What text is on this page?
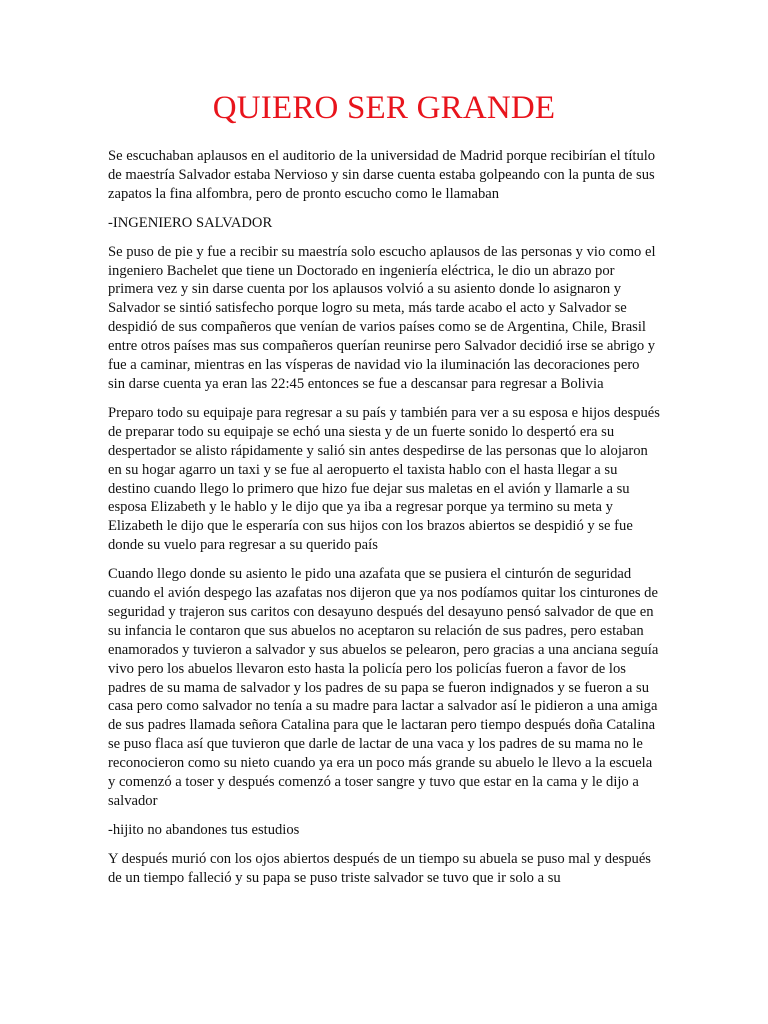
QUIERO SER GRANDE

Se escuchaban aplausos en el auditorio de la universidad de Madrid porque recibirían el título de maestría Salvador estaba Nervioso y sin darse cuenta estaba golpeando con la punta de sus zapatos la fina alfombra, pero de pronto escucho como le llamaban

-INGENIERO SALVADOR

Se puso de pie y fue a recibir su maestría solo escucho aplausos de las personas y vio como el ingeniero Bachelet que tiene un Doctorado en ingeniería eléctrica, le dio un abrazo por primera vez y sin darse cuenta por los aplausos volvió a su asiento donde lo asignaron y Salvador se sintió satisfecho porque logro su meta, más tarde acabo el acto y Salvador se despidió de sus compañeros que venían de varios países como se de Argentina, Chile, Brasil entre otros países mas sus compañeros querían reunirse pero Salvador decidió irse se abrigo y fue a caminar, mientras en las vísperas de navidad vio la iluminación las decoraciones pero sin darse cuenta ya eran las 22:45 entonces se fue a descansar para regresar a Bolivia

Preparo todo su equipaje para regresar a su país y también para ver a su esposa e hijos después de preparar todo su equipaje se echó una siesta y de un fuerte sonido lo despertó era su despertador se alisto rápidamente y salió sin antes despedirse de las personas que lo alojaron en su hogar agarro un taxi y se fue al aeropuerto el taxista hablo con el hasta llegar a su destino cuando llego lo primero que hizo fue dejar sus maletas en el avión y llamarle a su esposa Elizabeth y le hablo y le dijo que ya iba a regresar porque ya termino su meta y Elizabeth le dijo que le esperaría con sus hijos con los brazos abiertos se despidió y se fue donde su vuelo para regresar a su querido país

Cuando llego donde su asiento le pido una azafata que se pusiera el cinturón de seguridad cuando el avión despego las azafatas nos dijeron que ya nos podíamos quitar los cinturones de seguridad y trajeron sus caritos con desayuno después del desayuno pensó salvador de que en su infancia le contaron que sus abuelos no aceptaron su relación de sus padres, pero estaban enamorados y tuvieron a salvador y sus abuelos se pelearon, pero gracias a una anciana seguía vivo pero los abuelos llevaron esto hasta la policía pero los policías fueron a favor de los padres de su mama de salvador y los padres de su papa se fueron indignados y se fueron a su casa pero como salvador no tenía a su madre para lactar a salvador así le pidieron a una amiga de sus padres llamada señora Catalina para que le lactaran pero tiempo después doña Catalina se puso flaca así que tuvieron que darle de lactar de una vaca y los padres de su mama no le reconocieron como su nieto cuando ya era un poco más grande su abuelo le llevo a la escuela y comenzó a toser y después comenzó a toser sangre y tuvo que estar en la cama y le dijo a salvador

-hijito no abandones tus estudios

Y después murió con los ojos abiertos después de un tiempo su abuela se puso mal y después de un tiempo falleció y su papa se puso triste salvador se tuvo que ir solo a su
